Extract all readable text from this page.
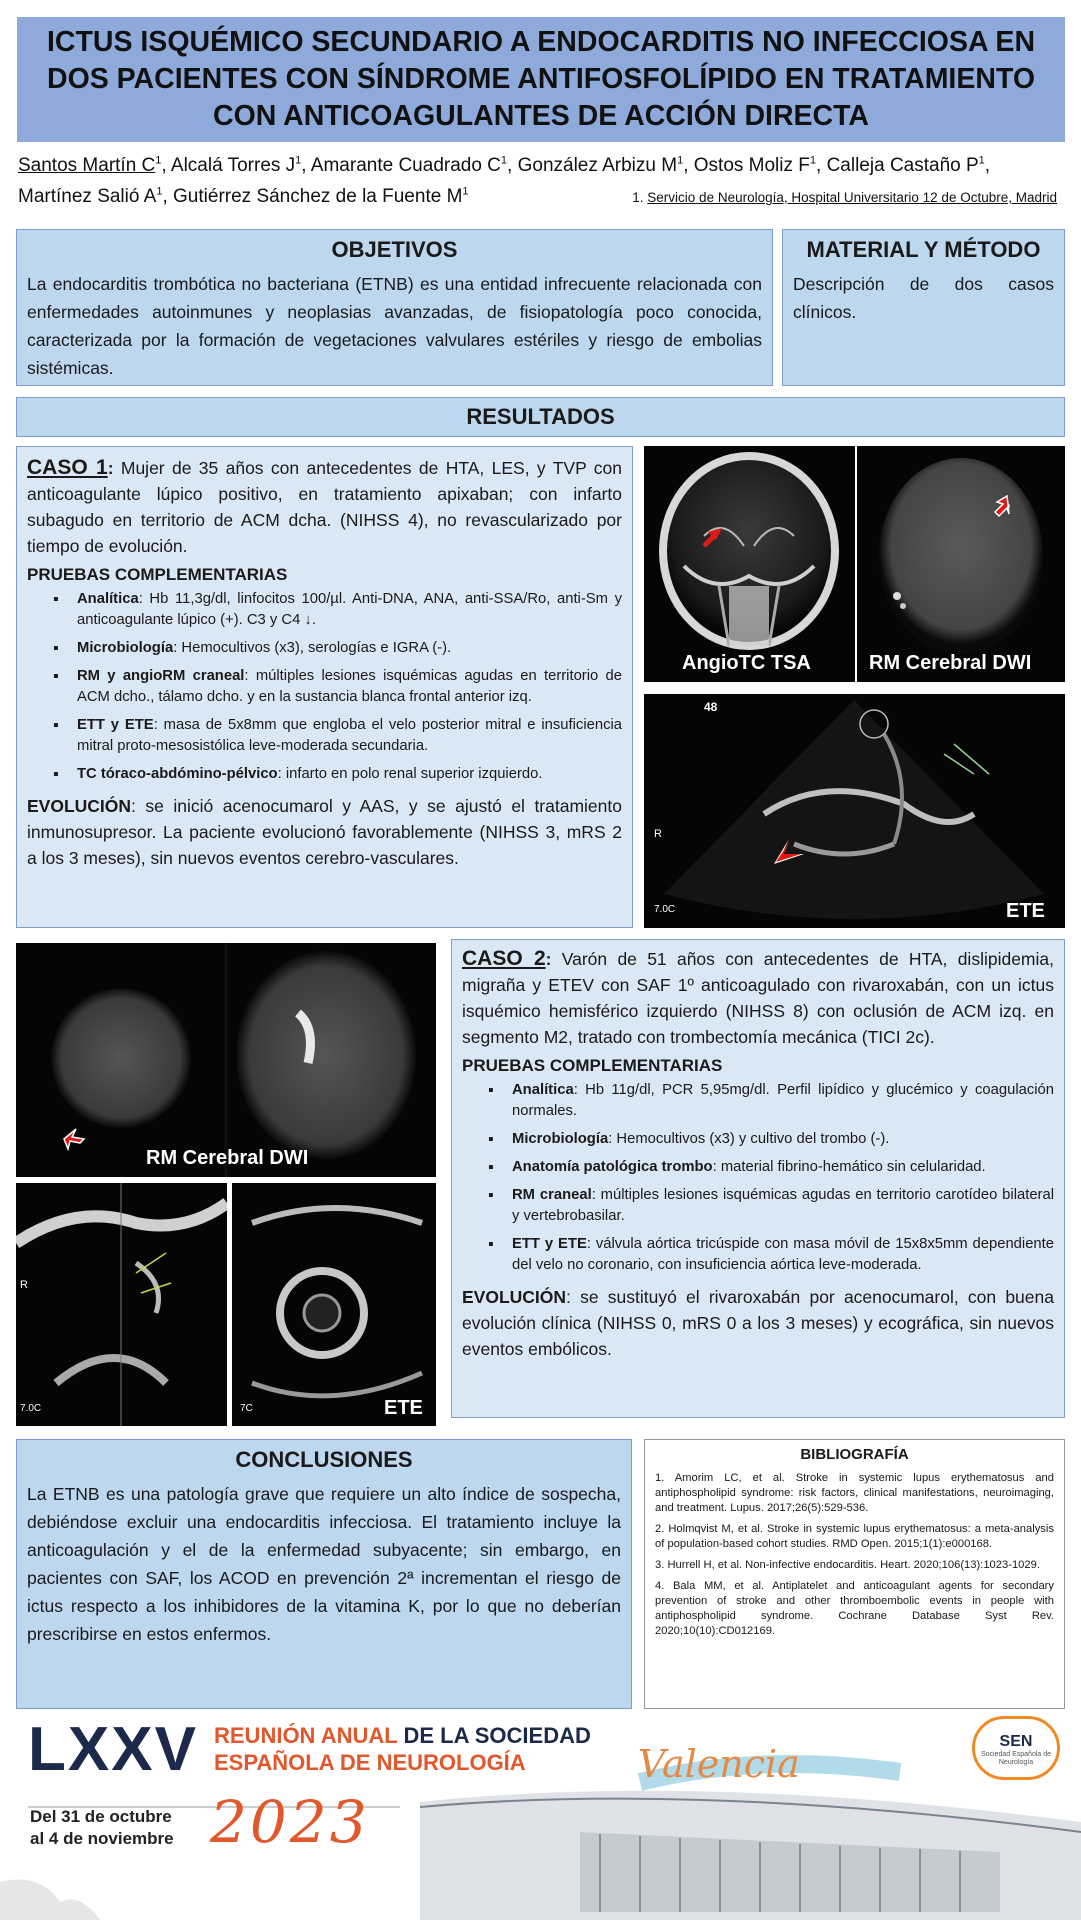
ICTUS ISQUÉMICO SECUNDARIO A ENDOCARDITIS NO INFECCIOSA EN DOS PACIENTES CON SÍNDROME ANTIFOSFOLÍPIDO EN TRATAMIENTO CON ANTICOAGULANTES DE ACCIÓN DIRECTA
Santos Martín $C^1$, Alcalá Torres $J^1$, Amarante Cuadrado $C^1$, González Arbizu $M^1$, Ostos Moliz $F^1$, Calleja Castaño $P^1$,
Martínez Salió $A^1$, Gutiérrez Sánchez de la Fuente $M^1$	1. Servicio de Neurología, Hospital Universitario 12 de Octubre, Madrid
OBJETIVOS

La endocarditis trombótica no bacteriana (ETNB) es una entidad infrecuente relacionada con enfermedades autoinmunes y neoplasias avanzadas, de fisiopatología poco conocida, caracterizada por la formación de vegetaciones valvulares estériles y riesgo de embolias sistémicas.

MATERIAL Y MÉTODO

Descripción de dos casos clínicos.

RESULTADOS

CASO 1: Mujer de 35 años con antecedentes de HTA, LES, y TVP con anticoagulante lúpico positivo, en tratamiento apixaban; con infarto subagudo en territorio de ACM dcha. (NIHSS 4), no revascularizado por tiempo de evolución.

PRUEBAS COMPLEMENTARIAS
▪ Analítica: Hb 11,3g/dl, linfocitos 100/µl. Anti-DNA, ANA, anti-SSA/Ro, anti-Sm y anticoagulante lúpico (+). C3 y C4 ↓.
▪ Microbiología: Hemocultivos (x3), serologías e IGRA (-).
▪ RM y angioRM craneal: múltiples lesiones isquémicas agudas en territorio de ACM dcho., tálamo dcho. y en la sustancia blanca frontal anterior izq.
▪ ETT y ETE: masa de 5x8mm que engloba el velo posterior mitral e insuficiencia mitral proto-mesosistólica leve-moderada secundaria.
▪ TC tóraco-abdómino-pélvico: infarto en polo renal superior izquierdo.

EVOLUCIÓN: se inició acenocumarol y AAS, y se ajustó el tratamiento inmunosupresor. La paciente evolucionó favorablemente (NIHSS 3, mRS 2 a los 3 meses), sin nuevos eventos cerebro-vasculares.

AngioTC TSA	RM Cerebral DWI
48
R
7.0C	ETE
RM Cerebral DWI
R
7.0C	7C	ETE

CASO 2: Varón de 51 años con antecedentes de HTA, dislipidemia, migraña y ETEV con SAF 1º anticoagulado con rivaroxabán, con un ictus isquémico hemisférico izquierdo (NIHSS 8) con oclusión de ACM izq. en segmento M2, tratado con trombectomía mecánica (TICI 2c).

PRUEBAS COMPLEMENTARIAS
▪ Analítica: Hb 11g/dl, PCR 5,95mg/dl. Perfil lipídico y glucémico y coagulación normales.
▪ Microbiología: Hemocultivos (x3) y cultivo del trombo (-).
▪ Anatomía patológica trombo: material fibrino-hemático sin celularidad.
▪ RM craneal: múltiples lesiones isquémicas agudas en territorio carotídeo bilateral y vertebrobasilar.
▪ ETT y ETE: válvula aórtica tricúspide con masa móvil de 15x8x5mm dependiente del velo no coronario, con insuficiencia aórtica leve-moderada.

EVOLUCIÓN: se sustituyó el rivaroxabán por acenocumarol, con buena evolución clínica (NIHSS 0, mRS 0 a los 3 meses) y ecográfica, sin nuevos eventos embólicos.

CONCLUSIONES

La ETNB es una patología grave que requiere un alto índice de sospecha, debiéndose excluir una endocarditis infecciosa. El tratamiento incluye la anticoagulación y el de la enfermedad subyacente; sin embargo, en pacientes con SAF, los ACOD en prevención 2ª incrementan el riesgo de ictus respecto a los inhibidores de la vitamina K, por lo que no deberían prescribirse en estos enfermos.

BIBLIOGRAFÍA

1. Amorim LC, et al. Stroke in systemic lupus erythematosus and antiphospholipid syndrome: risk factors, clinical manifestations, neuroimaging, and treatment. Lupus. 2017;26(5):529-536.

2. Holmqvist M, et al. Stroke in systemic lupus erythematosus: a meta-analysis of population-based cohort studies. RMD Open. 2015;1(1):e000168.

3. Hurrell H, et al. Non-infective endocarditis. Heart. 2020;106(13):1023-1029.

4. Bala MM, et al. Antiplatelet and anticoagulant agents for secondary prevention of stroke and other thromboembolic events in people with antiphospholipid syndrome. Cochrane Database Syst Rev. 2020;10(10):CD012169.

LXXV REUNIÓN ANUAL DE LA SOCIEDAD
ESPAÑOLA DE NEUROLOGÍA
Del 31 de octubre
al 4 de noviembre 2023
Valencia
SEN
Sociedad Española de Neurología
